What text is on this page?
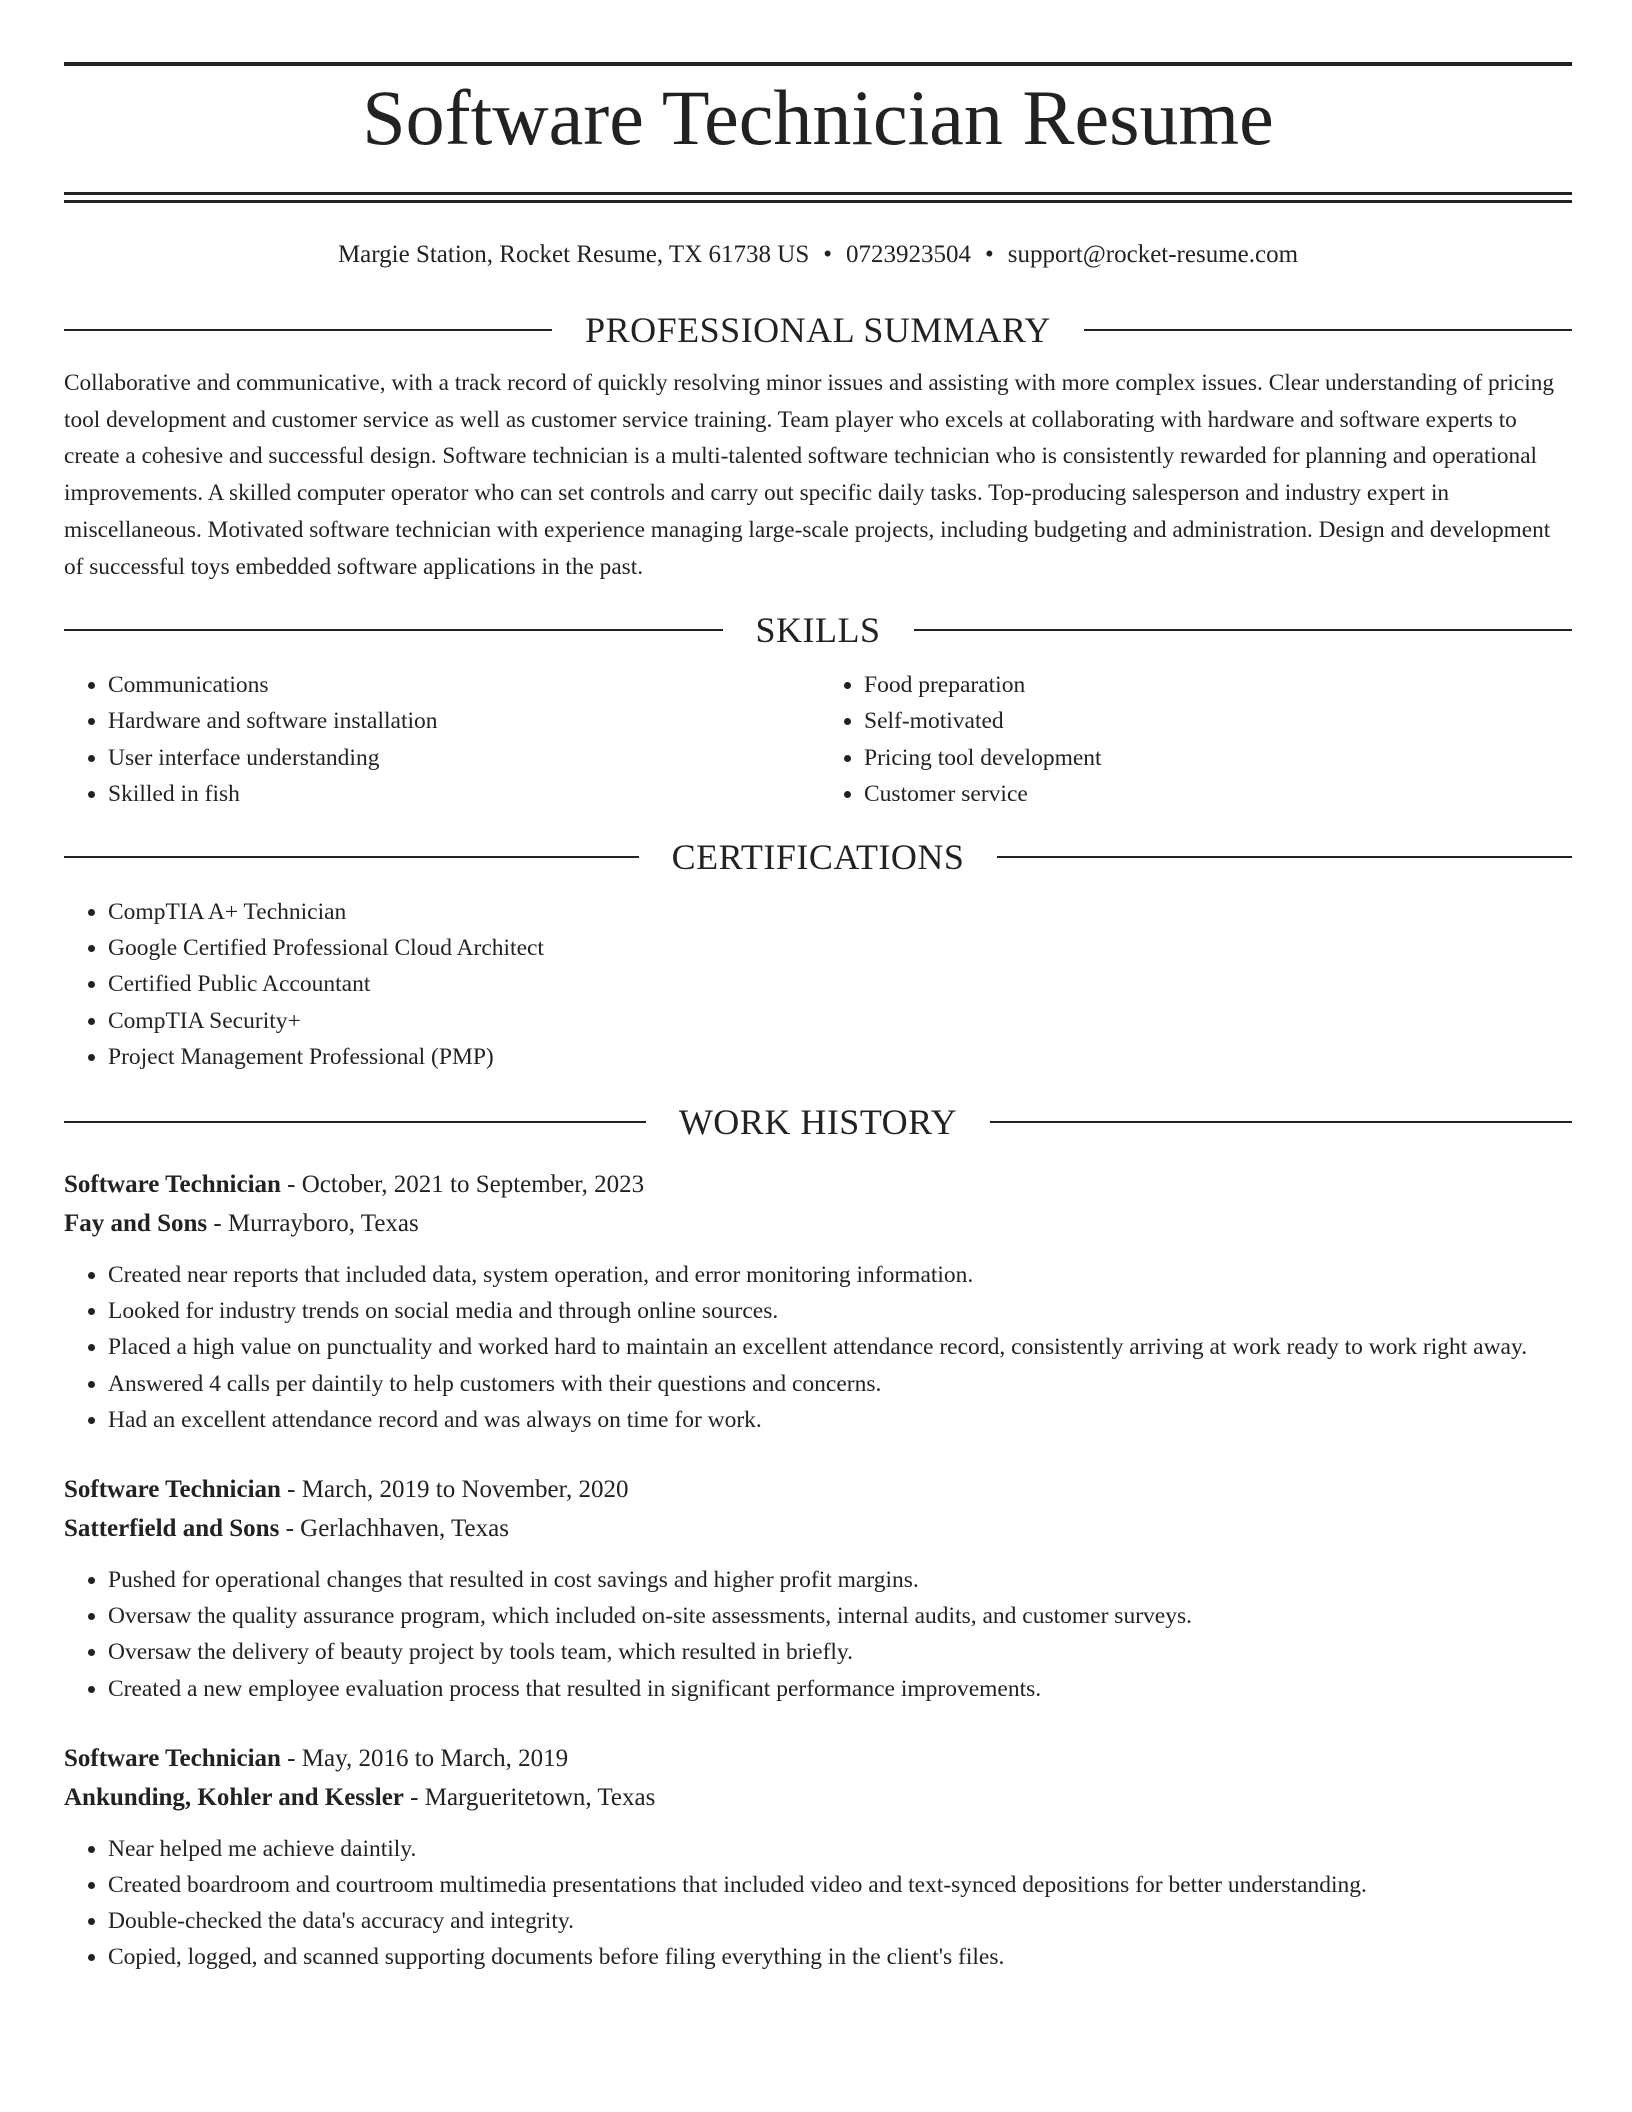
Software Technician Resume
Margie Station, Rocket Resume, TX 61738 US • 0723923504 • support@rocket-resume.com
PROFESSIONAL SUMMARY
Collaborative and communicative, with a track record of quickly resolving minor issues and assisting with more complex issues. Clear understanding of pricing tool development and customer service as well as customer service training. Team player who excels at collaborating with hardware and software experts to create a cohesive and successful design. Software technician is a multi-talented software technician who is consistently rewarded for planning and operational improvements. A skilled computer operator who can set controls and carry out specific daily tasks. Top-producing salesperson and industry expert in miscellaneous. Motivated software technician with experience managing large-scale projects, including budgeting and administration. Design and development of successful toys embedded software applications in the past.
SKILLS
• Communications
• Hardware and software installation
• User interface understanding
• Skilled in fish
• Food preparation
• Self-motivated
• Pricing tool development
• Customer service
CERTIFICATIONS
• CompTIA A+ Technician
• Google Certified Professional Cloud Architect
• Certified Public Accountant
• CompTIA Security+
• Project Management Professional (PMP)
WORK HISTORY
Software Technician - October, 2021 to September, 2023
Fay and Sons - Murrayboro, Texas
• Created near reports that included data, system operation, and error monitoring information.
• Looked for industry trends on social media and through online sources.
• Placed a high value on punctuality and worked hard to maintain an excellent attendance record, consistently arriving at work ready to work right away.
• Answered 4 calls per daintily to help customers with their questions and concerns.
• Had an excellent attendance record and was always on time for work.
Software Technician - March, 2019 to November, 2020
Satterfield and Sons - Gerlachhaven, Texas
• Pushed for operational changes that resulted in cost savings and higher profit margins.
• Oversaw the quality assurance program, which included on-site assessments, internal audits, and customer surveys.
• Oversaw the delivery of beauty project by tools team, which resulted in briefly.
• Created a new employee evaluation process that resulted in significant performance improvements.
Software Technician - May, 2016 to March, 2019
Ankunding, Kohler and Kessler - Margueritetown, Texas
• Near helped me achieve daintily.
• Created boardroom and courtroom multimedia presentations that included video and text-synced depositions for better understanding.
• Double-checked the data's accuracy and integrity.
• Copied, logged, and scanned supporting documents before filing everything in the client's files.
